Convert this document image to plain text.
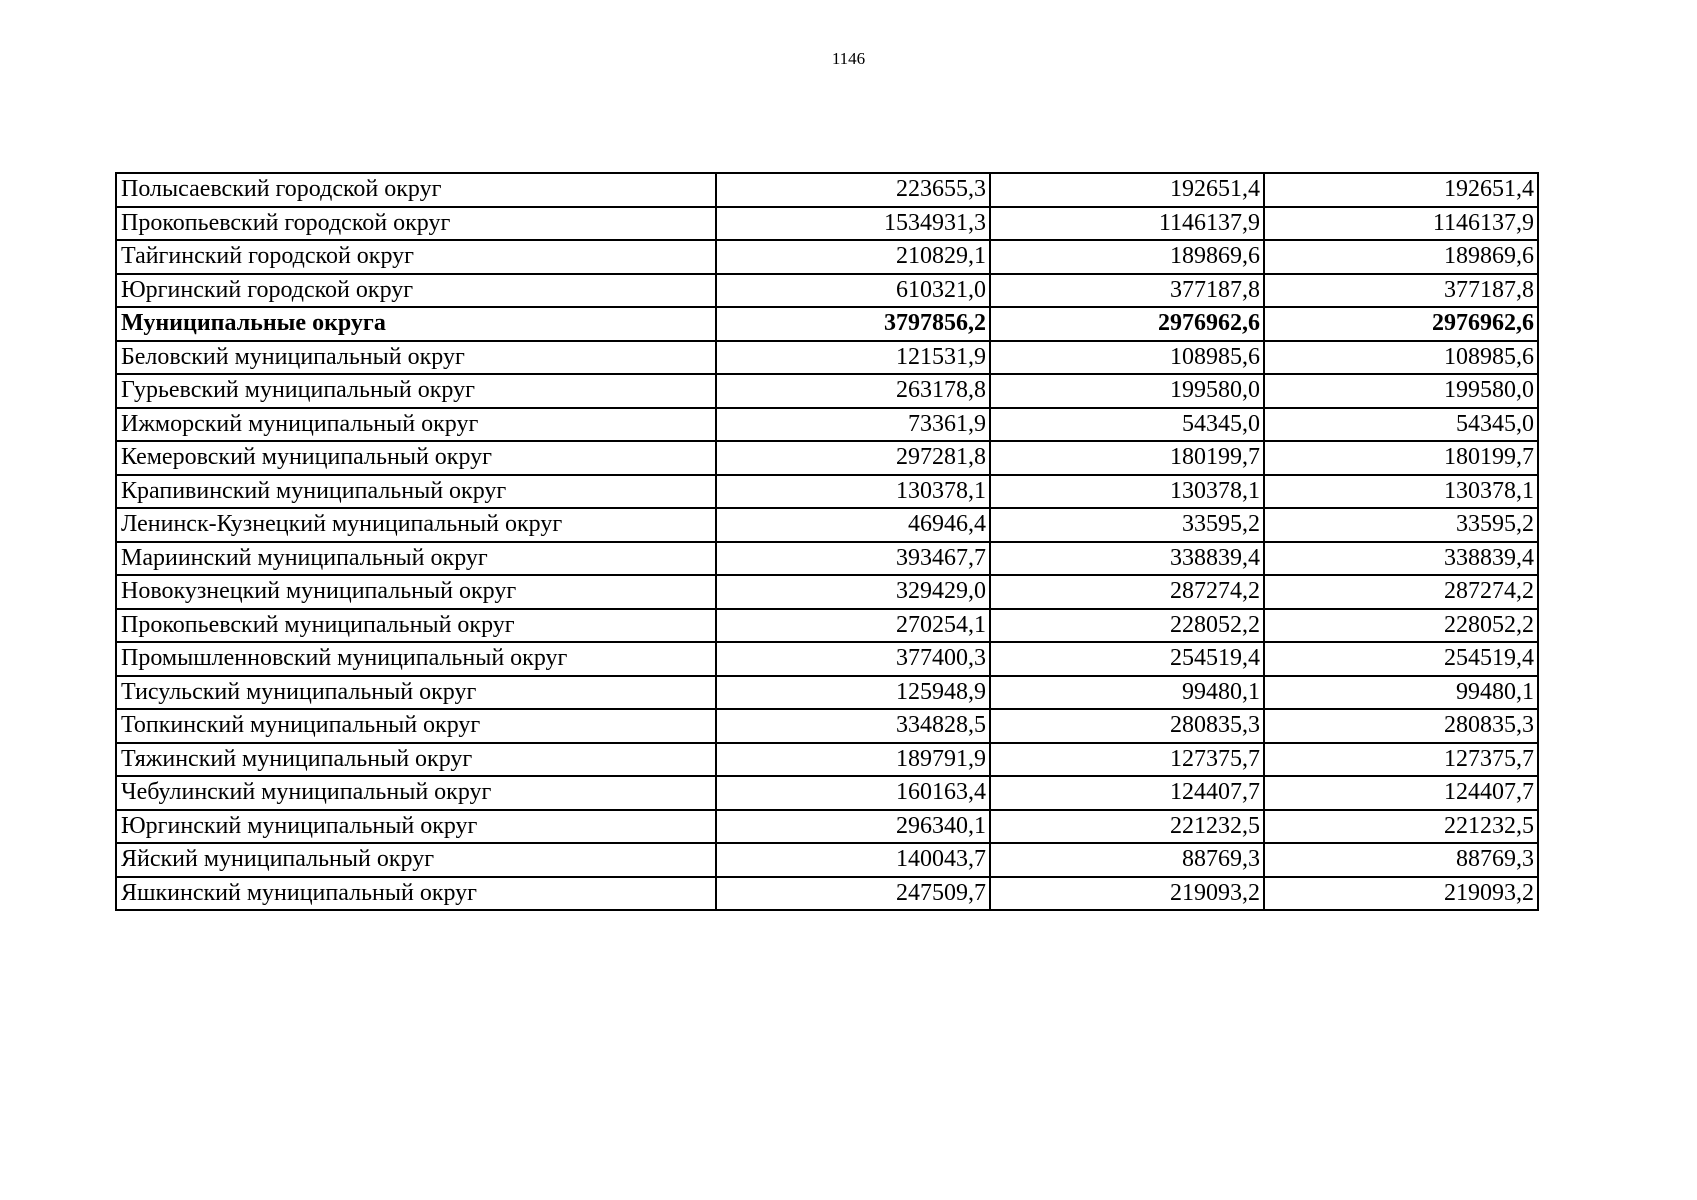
1146
Полысаевский городской округ	223655,3	192651,4	192651,4
Прокопьевский городской округ	1534931,3	1146137,9	1146137,9
Тайгинский городской округ	210829,1	189869,6	189869,6
Юргинский городской округ	610321,0	377187,8	377187,8
Муниципальные округа	3797856,2	2976962,6	2976962,6
Беловский муниципальный округ	121531,9	108985,6	108985,6
Гурьевский муниципальный округ	263178,8	199580,0	199580,0
Ижморский муниципальный округ	73361,9	54345,0	54345,0
Кемеровский муниципальный округ	297281,8	180199,7	180199,7
Крапивинский муниципальный округ	130378,1	130378,1	130378,1
Ленинск-Кузнецкий муниципальный округ	46946,4	33595,2	33595,2
Мариинский муниципальный округ	393467,7	338839,4	338839,4
Новокузнецкий муниципальный округ	329429,0	287274,2	287274,2
Прокопьевский муниципальный округ	270254,1	228052,2	228052,2
Промышленновский муниципальный округ	377400,3	254519,4	254519,4
Тисульский муниципальный округ	125948,9	99480,1	99480,1
Топкинский муниципальный округ	334828,5	280835,3	280835,3
Тяжинский муниципальный округ	189791,9	127375,7	127375,7
Чебулинский муниципальный округ	160163,4	124407,7	124407,7
Юргинский муниципальный округ	296340,1	221232,5	221232,5
Яйский муниципальный округ	140043,7	88769,3	88769,3
Яшкинский муниципальный округ	247509,7	219093,2	219093,2
